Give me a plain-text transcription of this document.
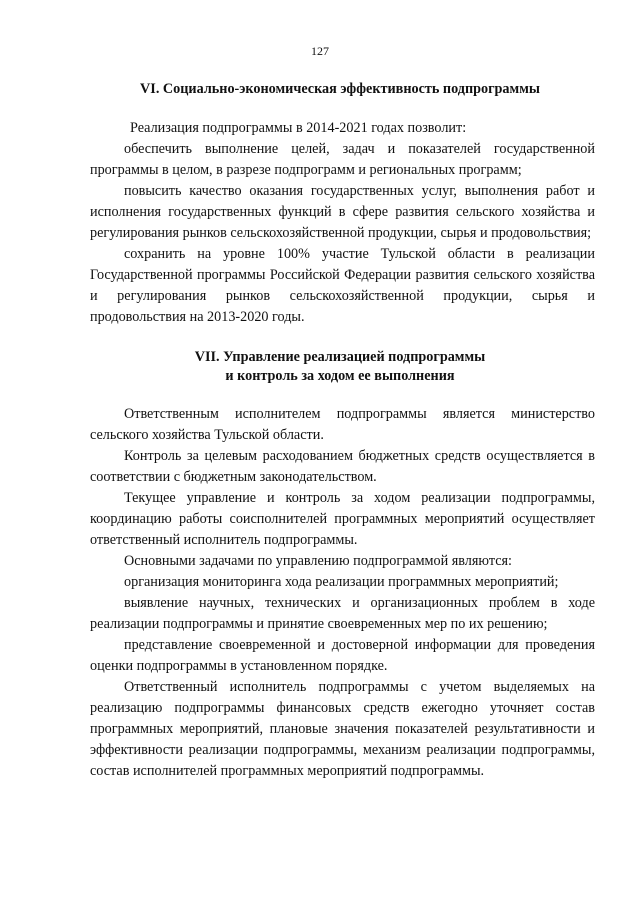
127
VI. Социально-экономическая эффективность подпрограммы

Реализация подпрограммы в 2014-2021 годах позволит:

обеспечить выполнение целей, задач и показателей государственной программы в целом, в разрезе подпрограмм и региональных программ;

повысить качество оказания государственных услуг, выполнения работ и исполнения государственных функций в сфере развития сельского хозяйства и регулирования рынков сельскохозяйственной продукции, сырья и продовольствия;

сохранить на уровне 100% участие Тульской области в реализации Государственной программы Российской Федерации развития сельского хозяйства и регулирования рынков сельскохозяйственной продукции, сырья и продовольствия на 2013-2020 годы.

VII. Управление реализацией подпрограммы
и контроль за ходом ее выполнения

Ответственным исполнителем подпрограммы является министерство сельского хозяйства Тульской области.

Контроль за целевым расходованием бюджетных средств осуществляется в соответствии с бюджетным законодательством.

Текущее управление и контроль за ходом реализации подпрограммы, координацию работы соисполнителей программных мероприятий осуществляет ответственный исполнитель подпрограммы.

Основными задачами по управлению подпрограммой являются:

организация мониторинга хода реализации программных мероприятий;

выявление научных, технических и организационных проблем в ходе реализации подпрограммы и принятие своевременных мер по их решению;

представление своевременной и достоверной информации для проведения оценки подпрограммы в установленном порядке.

Ответственный исполнитель подпрограммы с учетом выделяемых на реализацию подпрограммы финансовых средств ежегодно уточняет состав программных мероприятий, плановые значения показателей результативности и эффективности реализации подпрограммы, механизм реализации подпрограммы, состав исполнителей программных мероприятий подпрограммы.
